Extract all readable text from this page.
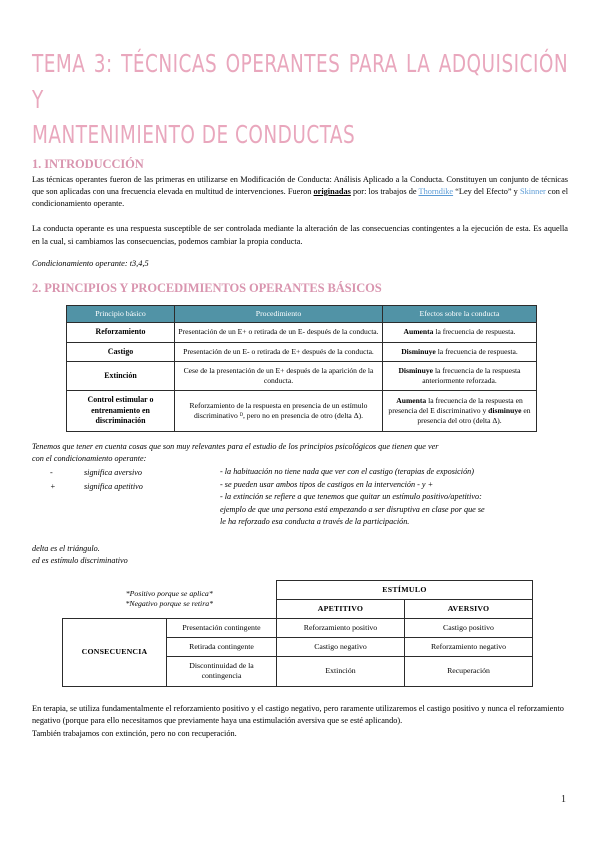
TEMA 3: TÉCNICAS OPERANTES PARA LA ADQUISICIÓN Y
MANTENIMIENTO DE CONDUCTAS
1. INTRODUCCIÓN

Las técnicas operantes fueron de las primeras en utilizarse en Modificación de Conducta: Análisis Aplicado a la Conducta. Constituyen un conjunto de técnicas que son aplicadas con una frecuencia elevada en multitud de intervenciones. Fueron originadas por: los trabajos de Thorndike “Ley del Efecto” y Skinner con el condicionamiento operante.

La conducta operante es una respuesta susceptible de ser controlada mediante la alteración de las consecuencias contingentes a la ejecución de esta. Es aquella en la cual, si cambiamos las consecuencias, podemos cambiar la propia conducta.

Condicionamiento operante: t3,4,5

2. PRINCIPIOS Y PROCEDIMIENTOS OPERANTES BÁSICOS
Principio básico	Procedimiento	Efectos sobre la conducta
Reforzamiento	Presentación de un E+ o retirada de un E- después de la conducta.	Aumenta la frecuencia de respuesta.
Castigo	Presentación de un E- o retirada de E+ después de la conducta.	Disminuye la frecuencia de respuesta.
Extinción	Cese de la presentación de un E+ después de la aparición de la conducta.	Disminuye la frecuencia de la respuesta anteriormente reforzada.
Control estimular o entrenamiento en discriminación	Reforzamiento de la respuesta en presencia de un estímulo discriminativo ᴰ, pero no en presencia de otro (delta Δ).	Aumenta la frecuencia de la respuesta en presencia del E discriminativo y disminuye en presencia del otro (delta Δ).
Tenemos que tener en cuenta cosas que son muy relevantes para el estudio de los principios psicológicos que tienen que ver
con el condicionamiento operante:
-	significa aversivo
+	significa apetitivo
- la habituación no tiene nada que ver con el castigo (terapias de exposición)
- se pueden usar ambos tipos de castigos en la intervención - y +
- la extinción se refiere a que tenemos que quitar un estímulo positivo/apetitivo:
ejemplo de que una persona está empezando a ser disruptiva en clase por que se
le ha reforzado esa conducta a través de la participación.
delta es el triángulo.
ed es estímulo discriminativo
*Positivo porque se aplica*
*Negativo porque se retira*		ESTÍMULO	
		APETITIVO	AVERSIVO
CONSECUENCIA	Presentación contingente	Reforzamiento positivo	Castigo positivo
	Retirada contingente	Castigo negativo	Reforzamiento negativo
	Discontinuidad de la contingencia	Extinción	Recuperación

En terapia, se utiliza fundamentalmente el reforzamiento positivo y el castigo negativo, pero raramente utilizaremos el castigo positivo y nunca el reforzamiento negativo (porque para ello necesitamos que previamente haya una estimulación aversiva que se esté aplicando).

También trabajamos con extinción, pero no con recuperación.

1
